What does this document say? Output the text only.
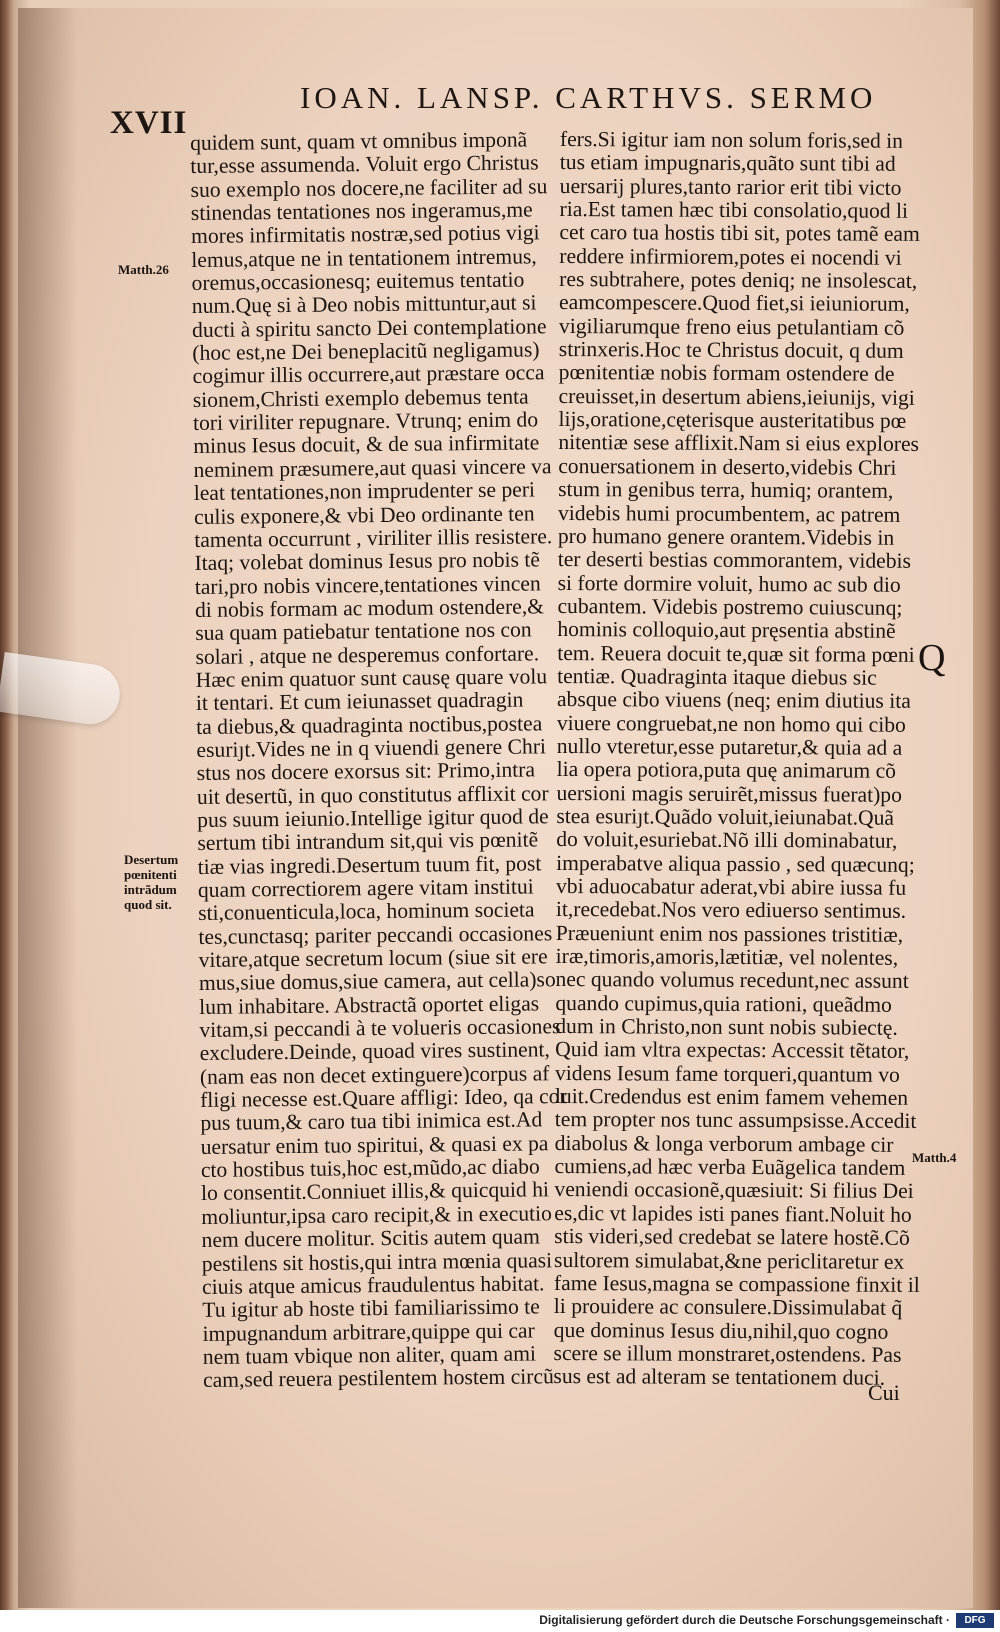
XVII
IOAN. LANSP. CARTHVS. SERMO
quidem sunt, quam vt omnibus imponã
tur,esse assumenda. Voluit ergo Christus
suo exemplo nos docere,ne faciliter ad su
stinendas tentationes nos ingeramus,me
mores infirmitatis nostræ,sed potius vigi
lemus,atque ne in tentationem intremus,
oremus,occasionesq; euitemus tentatio
num.Quę si à Deo nobis mittuntur,aut si
ducti à spiritu sancto Dei contemplatione
(hoc est,ne Dei beneplacitũ negligamus)
cogimur illis occurrere,aut præstare occa
sionem,Christi exemplo debemus tenta
tori viriliter repugnare. Vtrunq; enim do
minus Iesus docuit, & de sua infirmitate
neminem præsumere,aut quasi vincere va
leat tentationes,non imprudenter se peri
culis exponere,& vbi Deo ordinante ten
tamenta occurrunt , viriliter illis resistere.
Itaq; volebat dominus Iesus pro nobis tẽ
tari,pro nobis vincere,tentationes vincen
di nobis formam ac modum ostendere,&
sua quam patiebatur tentatione nos con
solari , atque ne desperemus confortare.
Hæc enim quatuor sunt causę quare volu
it tentari. Et cum ieiunasset quadragin
ta diebus,& quadraginta noctibus,postea
esuriȷt.Vides ne in q viuendi genere Chri
stus nos docere exorsus sit: Primo,intra
uit desertũ, in quo constitutus afflixit cor
pus suum ieiunio.Intellige igitur quod de
sertum tibi intrandum sit,qui vis pœnitẽ
tiæ vias ingredi.Desertum tuum fit, post
quam correctiorem agere vitam institui
sti,conuenticula,loca, hominum societa
tes,cunctasq; pariter peccandi occasiones
vitare,atque secretum locum (siue sit ere
mus,siue domus,siue camera, aut cella)so
lum inhabitare. Abstractã oportet eligas
vitam,si peccandi à te volueris occasiones
excludere.Deinde, quoad vires sustinent,
(nam eas non decet extinguere)corpus af
fligi necesse est.Quare affligi: Ideo, qa cor
pus tuum,& caro tua tibi inimica est.Ad
uersatur enim tuo spiritui, & quasi ex pa
cto hostibus tuis,hoc est,mũdo,ac diabo
lo consentit.Conniuet illis,& quicquid hi
moliuntur,ipsa caro recipit,& in executio
nem ducere molitur. Scitis autem quam
pestilens sit hostis,qui intra mœnia quasi
ciuis atque amicus fraudulentus habitat.
Tu igitur ab hoste tibi familiarissimo te
impugnandum arbitrare,quippe qui car
nem tuam vbique non aliter, quam ami
cam,sed reuera pestilentem hostem circũ
fers.Si igitur iam non solum foris,sed in
tus etiam impugnaris,quãto sunt tibi ad
uersarij plures,tanto rarior erit tibi victo
ria.Est tamen hæc tibi consolatio,quod li
cet caro tua hostis tibi sit, potes tamẽ eam
reddere infirmiorem,potes ei nocendi vi
res subtrahere, potes deniq; ne insolescat,
eamcompescere.Quod fiet,si ieiuniorum,
vigiliarumque freno eius petulantiam cõ
strinxeris.Hoc te Christus docuit, q dum
pœnitentiæ nobis formam ostendere de
creuisset,in desertum abiens,ieiunijs, vigi
lijs,oratione,cęterisque austeritatibus pœ
nitentiæ sese afflixit.Nam si eius explores
conuersationem in deserto,videbis Chri
stum in genibus terra, humiq; orantem,
videbis humi procumbentem, ac patrem
pro humano genere orantem.Videbis in
ter deserti bestias commorantem, videbis
si forte dormire voluit, humo ac sub dio
cubantem. Videbis postremo cuiuscunq;
hominis colloquio,aut pręsentia abstinẽ
tem. Reuera docuit te,quæ sit forma pœni
tentiæ. Quadraginta itaque diebus sic
absque cibo viuens (neq; enim diutius ita
viuere congruebat,ne non homo qui cibo
nullo vteretur,esse putaretur,& quia ad a
lia opera potiora,puta quę animarum cõ
uersioni magis seruirẽt,missus fuerat)po
stea esuriȷt.Quãdo voluit,ieiunabat.Quã
do voluit,esuriebat.Nõ illi dominabatur,
imperabatve aliqua passio , sed quæcunq;
vbi aduocabatur aderat,vbi abire iussa fu
it,recedebat.Nos vero ediuerso sentimus.
Præueniunt enim nos passiones tristitiæ,
iræ,timoris,amoris,lætitiæ, vel nolentes,
nec quando volumus recedunt,nec assunt
quando cupimus,quia rationi, queãdmo
dum in Christo,non sunt nobis subiectę.
Quid iam vltra expectas: Accessit tẽtator,
videns Iesum fame torqueri,quantum vo
luit.Credendus est enim famem vehemen
tem propter nos tunc assumpsisse.Accedit
diabolus & longa verborum ambage cir
cumiens,ad hæc verba Euãgelica tandem
veniendi occasionẽ,quæsiuit: Si filius Dei
es,dic vt lapides isti panes fiant.Noluit ho
stis videri,sed credebat se latere hostẽ.Cõ
sultorem simulabat,&ne periclitaretur ex
fame Iesus,magna se compassione finxit il
li prouidere ac consulere.Dissimulabat q̃
que dominus Iesus diu,nihil,quo cogno
scere se illum monstraret,ostendens. Pas
sus est ad alteram se tentationem duci.
Matth.26
Desertum
pœnitenti
intrãdum
quod sit.
Matth.4
Q
Cui
Digitalisierung gefördert durch die Deutsche Forschungsgemeinschaft ·	DFG
